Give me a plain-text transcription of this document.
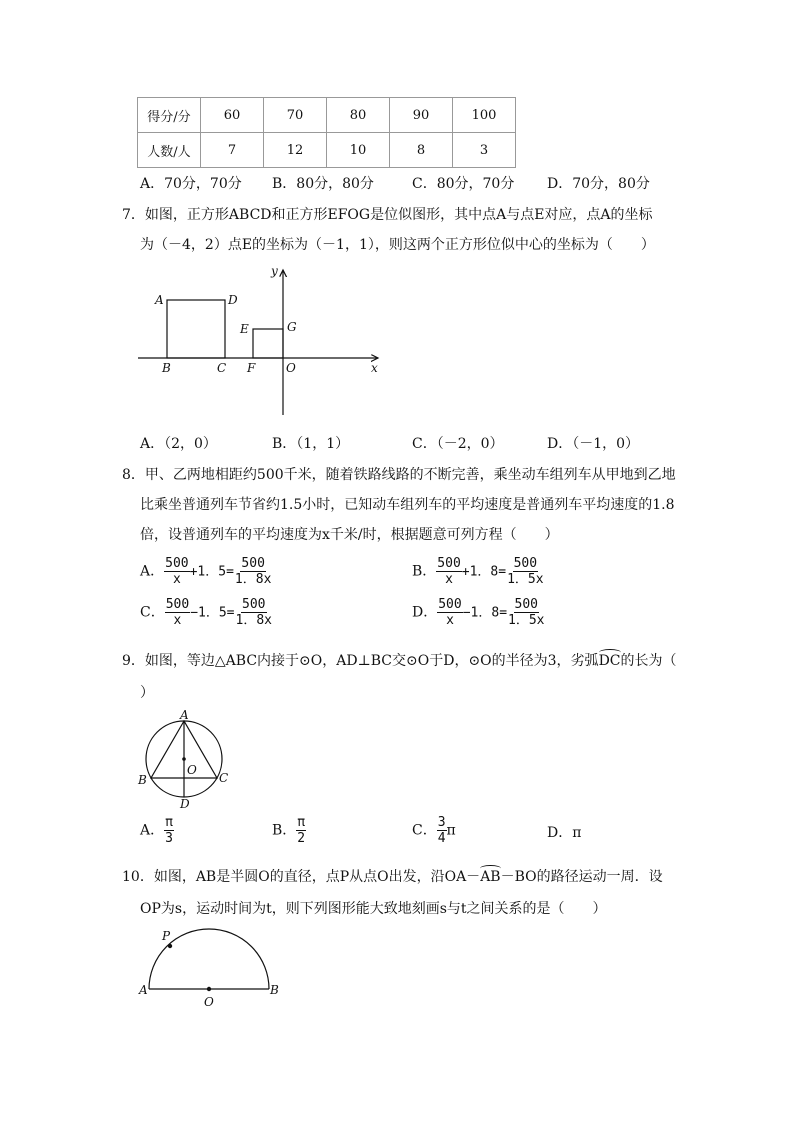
得分/分	60	70	80	90	100
人数/人	7	12	10	8	3
A．70分，70分 B．80分，80分	C．80分，70分 D．70分，80分
7．如图，正方形ABCD和正方形EFOG是位似图形，其中点A与点E对应，点A的坐标
为（－4，2）点E的坐标为（－1，1），则这两个正方形位似中心的坐标为（　　）
y
x
A	D
E	G
B	C F	O
A．（2，0）	B．（1，1）	C．（－2，0）	D．（－1，0）
8．甲、乙两地相距约500千米，随着铁路线路的不断完善，乘坐动车组列车从甲地到乙地
比乘坐普通列车节省约1.5小时，已知动车组列车的平均速度是普通列车平均速度的1.8
倍，设普通列车的平均速度为x千米/时，根据题意可列方程（　　）
A． $\frac{500}{x} +1$．$5= \frac{500}{1.8x}$	B． $\frac{500}{x} +1$．$8= \frac{500}{1.5x}$
C． $\frac{500}{x} -1$．$5= \frac{500}{1.8x}$	D． $\frac{500}{x} -1$．$8= \frac{500}{1.5x}$
9．如图，等边△ABC内接于⊙O，AD⊥BC交⊙O于D，⊙O的半径为3，劣弧DC的长为（
）
A
B	C
D
O
A． $\frac{\pi}{3}$	B． $\frac{\pi}{2}$	C． $\frac{3}{4}$ π	D．π
10．如图，AB是半圆O的直径，点P从点O出发，沿OA－AB－BO的路径运动一周．设
OP为s，运动时间为t，则下列图形能大致地刻画s与t之间关系的是（　　）
P
A
O
B
